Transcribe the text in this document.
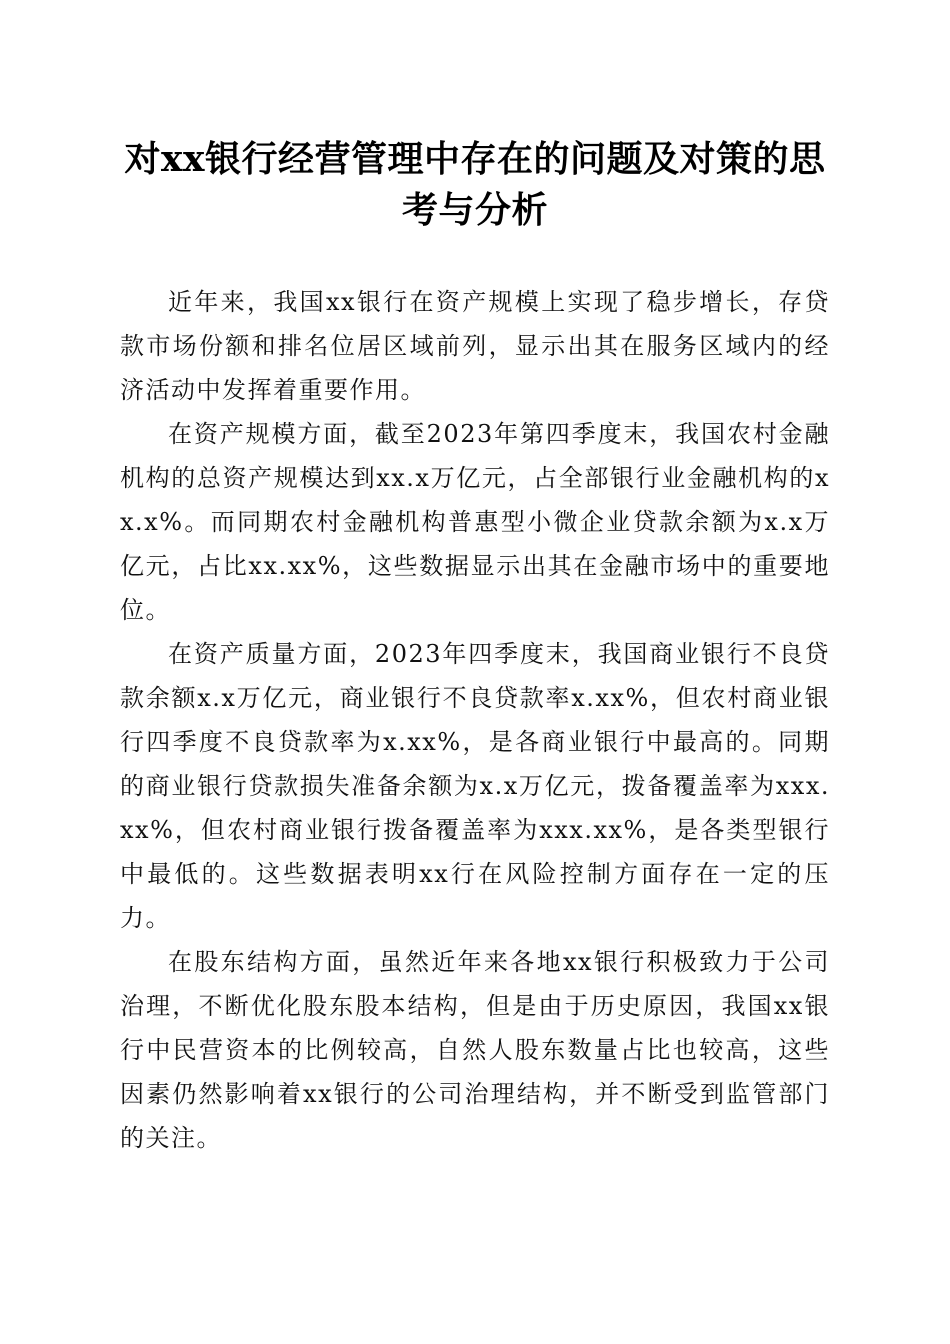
对xx银行经营管理中存在的问题及对策的思考与分析

近年来，我国xx银行在资产规模上实现了稳步增长，存贷款市场份额和排名位居区域前列，显示出其在服务区域内的经济活动中发挥着重要作用。

在资产规模方面，截至2023年第四季度末，我国农村金融机构的总资产规模达到xx.x万亿元，占全部银行业金融机构的xx.x%。而同期农村金融机构普惠型小微企业贷款余额为x.x万亿元，占比xx.xx%，这些数据显示出其在金融市场中的重要地位。

在资产质量方面，2023年四季度末，我国商业银行不良贷款余额x.x万亿元，商业银行不良贷款率x.xx%，但农村商业银行四季度不良贷款率为x.xx%，是各商业银行中最高的。同期的商业银行贷款损失准备余额为x.x万亿元，拨备覆盖率为xxx.xx%，但农村商业银行拨备覆盖率为xxx.xx%，是各类型银行中最低的。这些数据表明xx行在风险控制方面存在一定的压力。

在股东结构方面，虽然近年来各地xx银行积极致力于公司治理，不断优化股东股本结构，但是由于历史原因，我国xx银行中民营资本的比例较高，自然人股东数量占比也较高，这些因素仍然影响着xx银行的公司治理结构，并不断受到监管部门的关注。
